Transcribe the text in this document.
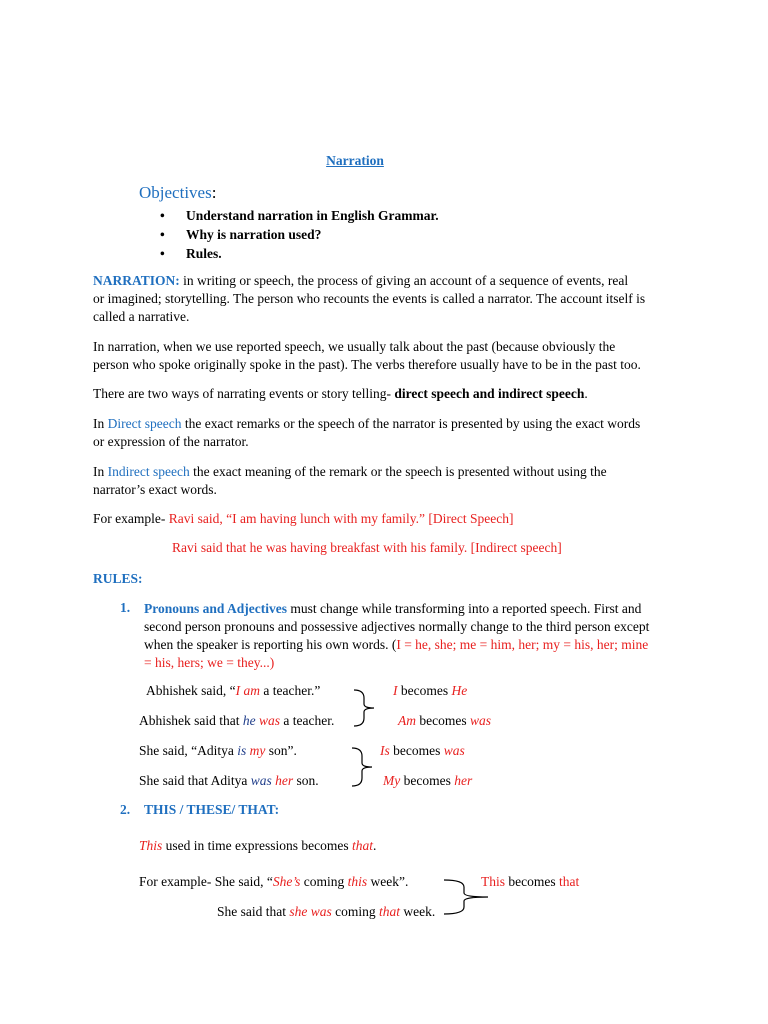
Narration
Objectives:
• Understand narration in English Grammar.
• Why is narration used?
• Rules.
NARRATION: in writing or speech, the process of giving an account of a sequence of events, real
or imagined; storytelling. The person who recounts the events is called a narrator. The account itself is
called a narrative.
In narration, when we use reported speech, we usually talk about the past (because obviously the
person who spoke originally spoke in the past). The verbs therefore usually have to be in the past too.
There are two ways of narrating events or story telling- direct speech and indirect speech.
In Direct speech the exact remarks or the speech of the narrator is presented by using the exact words
or expression of the narrator.
In Indirect speech the exact meaning of the remark or the speech is presented without using the
narrator’s exact words.
For example- Ravi said, “I am having lunch with my family.” [Direct Speech]
Ravi said that he was having breakfast with his family. [Indirect speech]
RULES:
1. Pronouns and Adjectives must change while transforming into a reported speech. First and
second person pronouns and possessive adjectives normally change to the third person except
when the speaker is reporting his own words. (I = he, she; me = him, her; my = his, her; mine
= his, hers; we = they...)
Abhishek said, “I am a teacher.”
Abhishek said that he was a teacher.
I becomes He
Am becomes was
She said, “Aditya is my son”.
She said that Aditya was her son.
Is becomes was
My becomes her
2. THIS / THESE/ THAT:
This used in time expressions becomes that.
For example- She said, “She’s coming this week”.
She said that she was coming that week.
This becomes that
